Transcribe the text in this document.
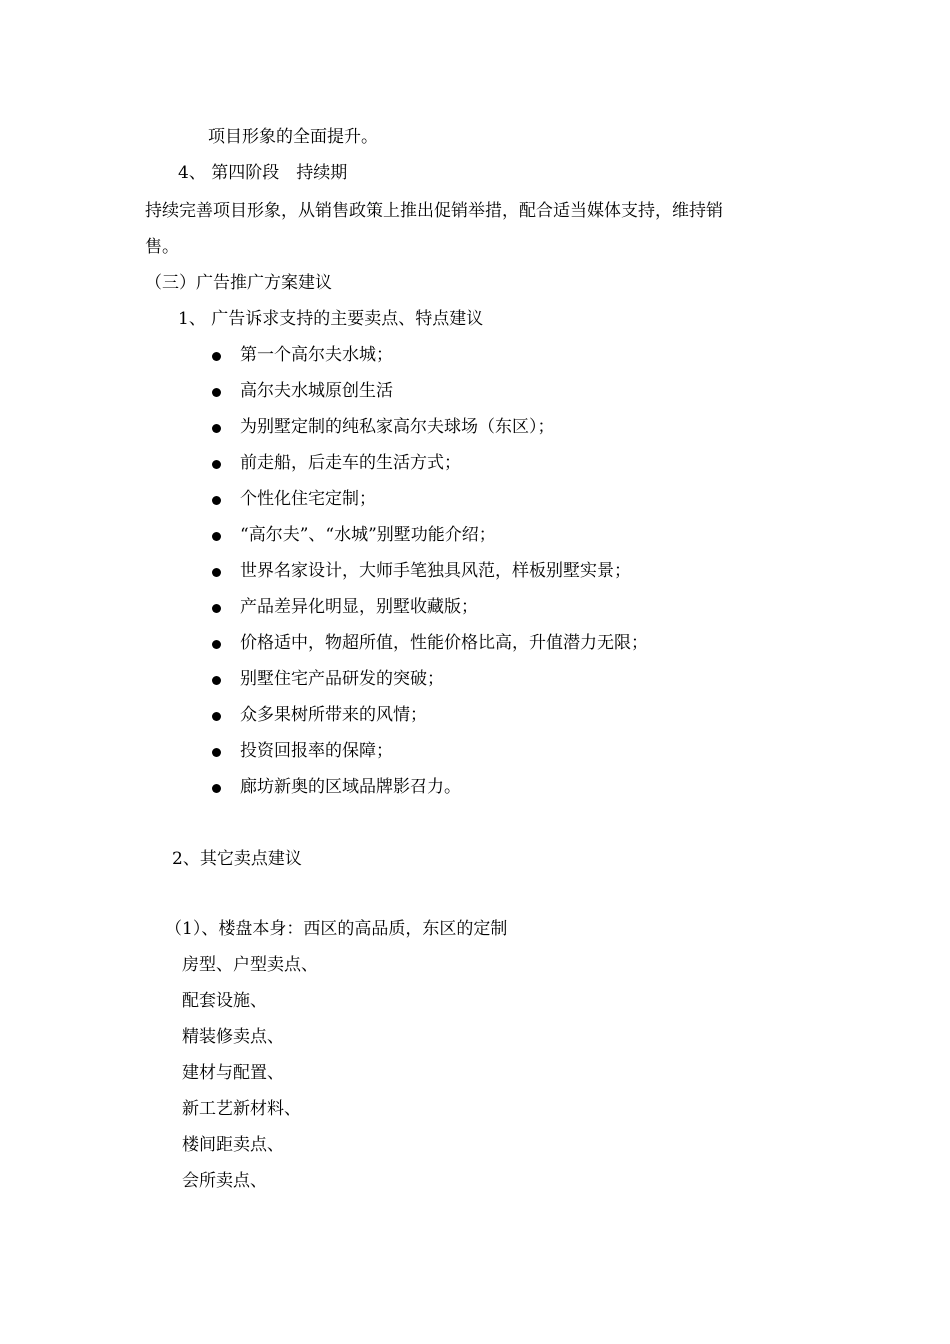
项目形象的全面提升。
4、 第四阶段　持续期
持续完善项目形象，从销售政策上推出促销举措，配合适当媒体支持，维持销
售。
（三）广告推广方案建议
1、 广告诉求支持的主要卖点、特点建议
第一个高尔夫水城；
高尔夫水城原创生活
为别墅定制的纯私家高尔夫球场（东区）；
前走船，后走车的生活方式；
个性化住宅定制；
“高尔夫”、“水城”别墅功能介绍；
世界名家设计，大师手笔独具风范，样板别墅实景；
产品差异化明显，别墅收藏版；
价格适中，物超所值，性能价格比高，升值潜力无限；
别墅住宅产品研发的突破；
众多果树所带来的风情；
投资回报率的保障；
廊坊新奥的区域品牌影召力。
2、其它卖点建议
（1）、楼盘本身：西区的高品质，东区的定制
房型、户型卖点、
配套设施、
精装修卖点、
建材与配置、
新工艺新材料、
楼间距卖点、
会所卖点、
